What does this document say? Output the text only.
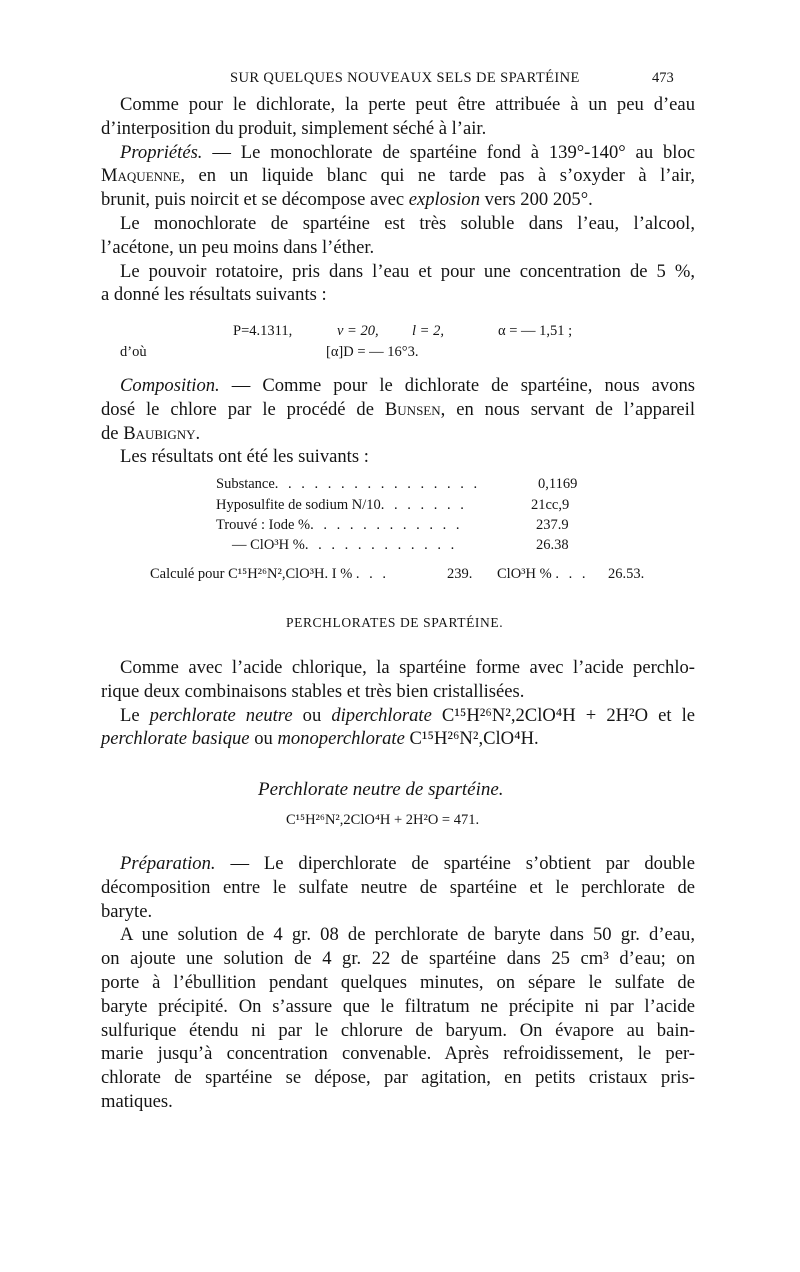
SUR QUELQUES NOUVEAUX SELS DE SPARTÉINE	473
Comme pour le dichlorate, la perte peut être attribuée à un peu d’eau
d’interposition du produit, simplement séché à l’air.
Propriétés. — Le monochlorate de spartéine fond à 139°-140° au bloc
Maquenne, en un liquide blanc qui ne tarde pas à s’oxyder à l’air,
brunit, puis noircit et se décompose avec explosion vers 200 205°.
Le monochlorate de spartéine est très soluble dans l’eau, l’alcool,
l’acétone, un peu moins dans l’éther.
Le pouvoir rotatoire, pris dans l’eau et pour une concentration de 5 %,
a donné les résultats suivants :
P=4.1311,	v = 20, l = 2,	α = — 1,51 ;
d’où	[α]D = — 16°3.
Composition. — Comme pour le dichlorate de spartéine, nous avons
dosé le chlore par le procédé de Bunsen, en nous servant de l’appareil
de Baubigny.
Les résultats ont été les suivants :
Substance. . . . . . . . . . . . . . . .	0,1169
Hyposulfite de sodium N/10. . . . . . .	21cc,9
Trouvé : Iode %. . . . . . . . . . . .	237.9
— ClO³H %. . . . . . . . . . . .	26.38
Calculé pour C¹⁵H²⁶N²,ClO³H. I % . . .	239. ClO³H % . . . 26.53.
PERCHLORATES DE SPARTÉINE.
Comme avec l’acide chlorique, la spartéine forme avec l’acide perchlo-
rique deux combinaisons stables et très bien cristallisées.
Le perchlorate neutre ou diperchlorate C¹⁵H²⁶N²,2ClO⁴H + 2H²O et le
perchlorate basique ou monoperchlorate C¹⁵H²⁶N²,ClO⁴H.
Perchlorate neutre de spartéine.
C¹⁵H²⁶N²,2ClO⁴H + 2H²O = 471.
Préparation. — Le diperchlorate de spartéine s’obtient par double
décomposition entre le sulfate neutre de spartéine et le perchlorate de
baryte.
A une solution de 4 gr. 08 de perchlorate de baryte dans 50 gr. d’eau,
on ajoute une solution de 4 gr. 22 de spartéine dans 25 cm³ d’eau; on
porte à l’ébullition pendant quelques minutes, on sépare le sulfate de
baryte précipité. On s’assure que le filtratum ne précipite ni par l’acide
sulfurique étendu ni par le chlorure de baryum. On évapore au bain-
marie jusqu’à concentration convenable. Après refroidissement, le per-
chlorate de spartéine se dépose, par agitation, en petits cristaux pris-
matiques.
